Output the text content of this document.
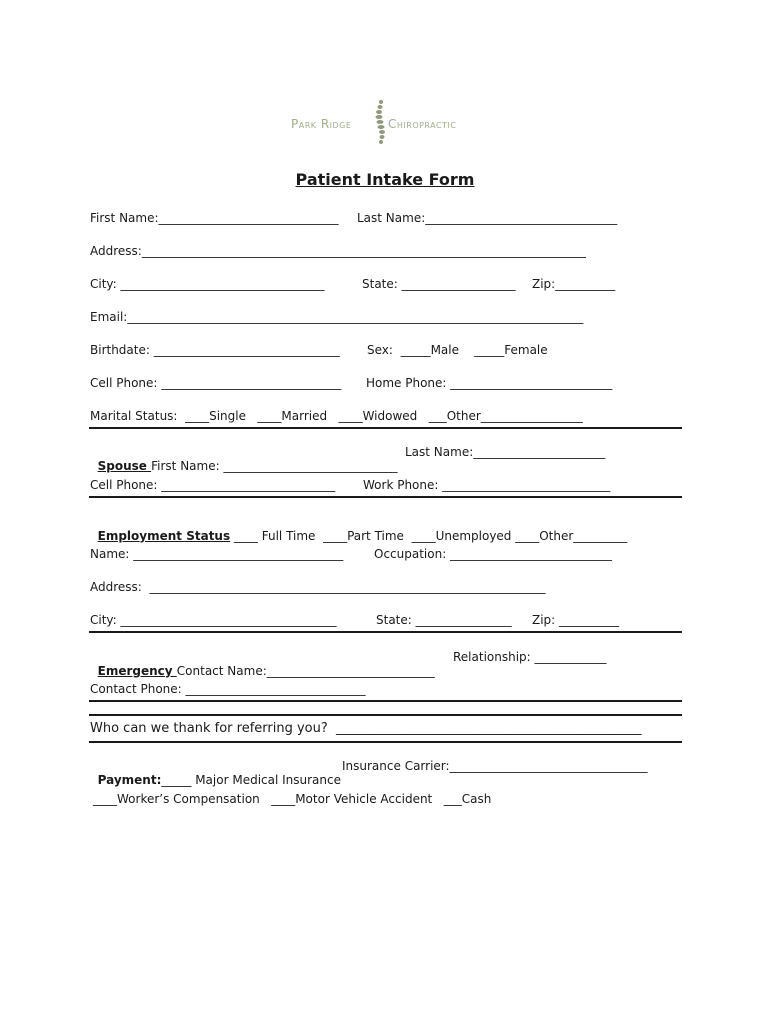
Park Ridge	Chiropractic
Patient Intake Form
First Name:______________________________ Last Name:________________________________
Address:__________________________________________________________________________
City: __________________________________	State: ___________________ Zip:__________
Email:____________________________________________________________________________
Birthdate: _______________________________ Sex:  _____Male    _____Female
Cell Phone: ______________________________ Home Phone: ___________________________
Marital Status:  ____Single   ____Married   ____Widowed   ___Other_________________

Spouse First Name: _____________________________

Last Name:______________________
Cell Phone: _____________________________ Work Phone: ____________________________

Employment Status ____ Full Time  ____Part Time  ____Unemployed ____Other_________

Name: ___________________________________	Occupation: ___________________________
Address:  __________________________________________________________________
City: ____________________________________	State: ________________ Zip: __________

Emergency Contact Name:____________________________

Relationship: ____________
Contact Phone: ______________________________
Who can we thank for referring you?  _______________________________________________

Payment:_____ Major Medical Insurance

Insurance Carrier:_________________________________
____Worker’s Compensation   ____Motor Vehicle Accident   ___Cash
